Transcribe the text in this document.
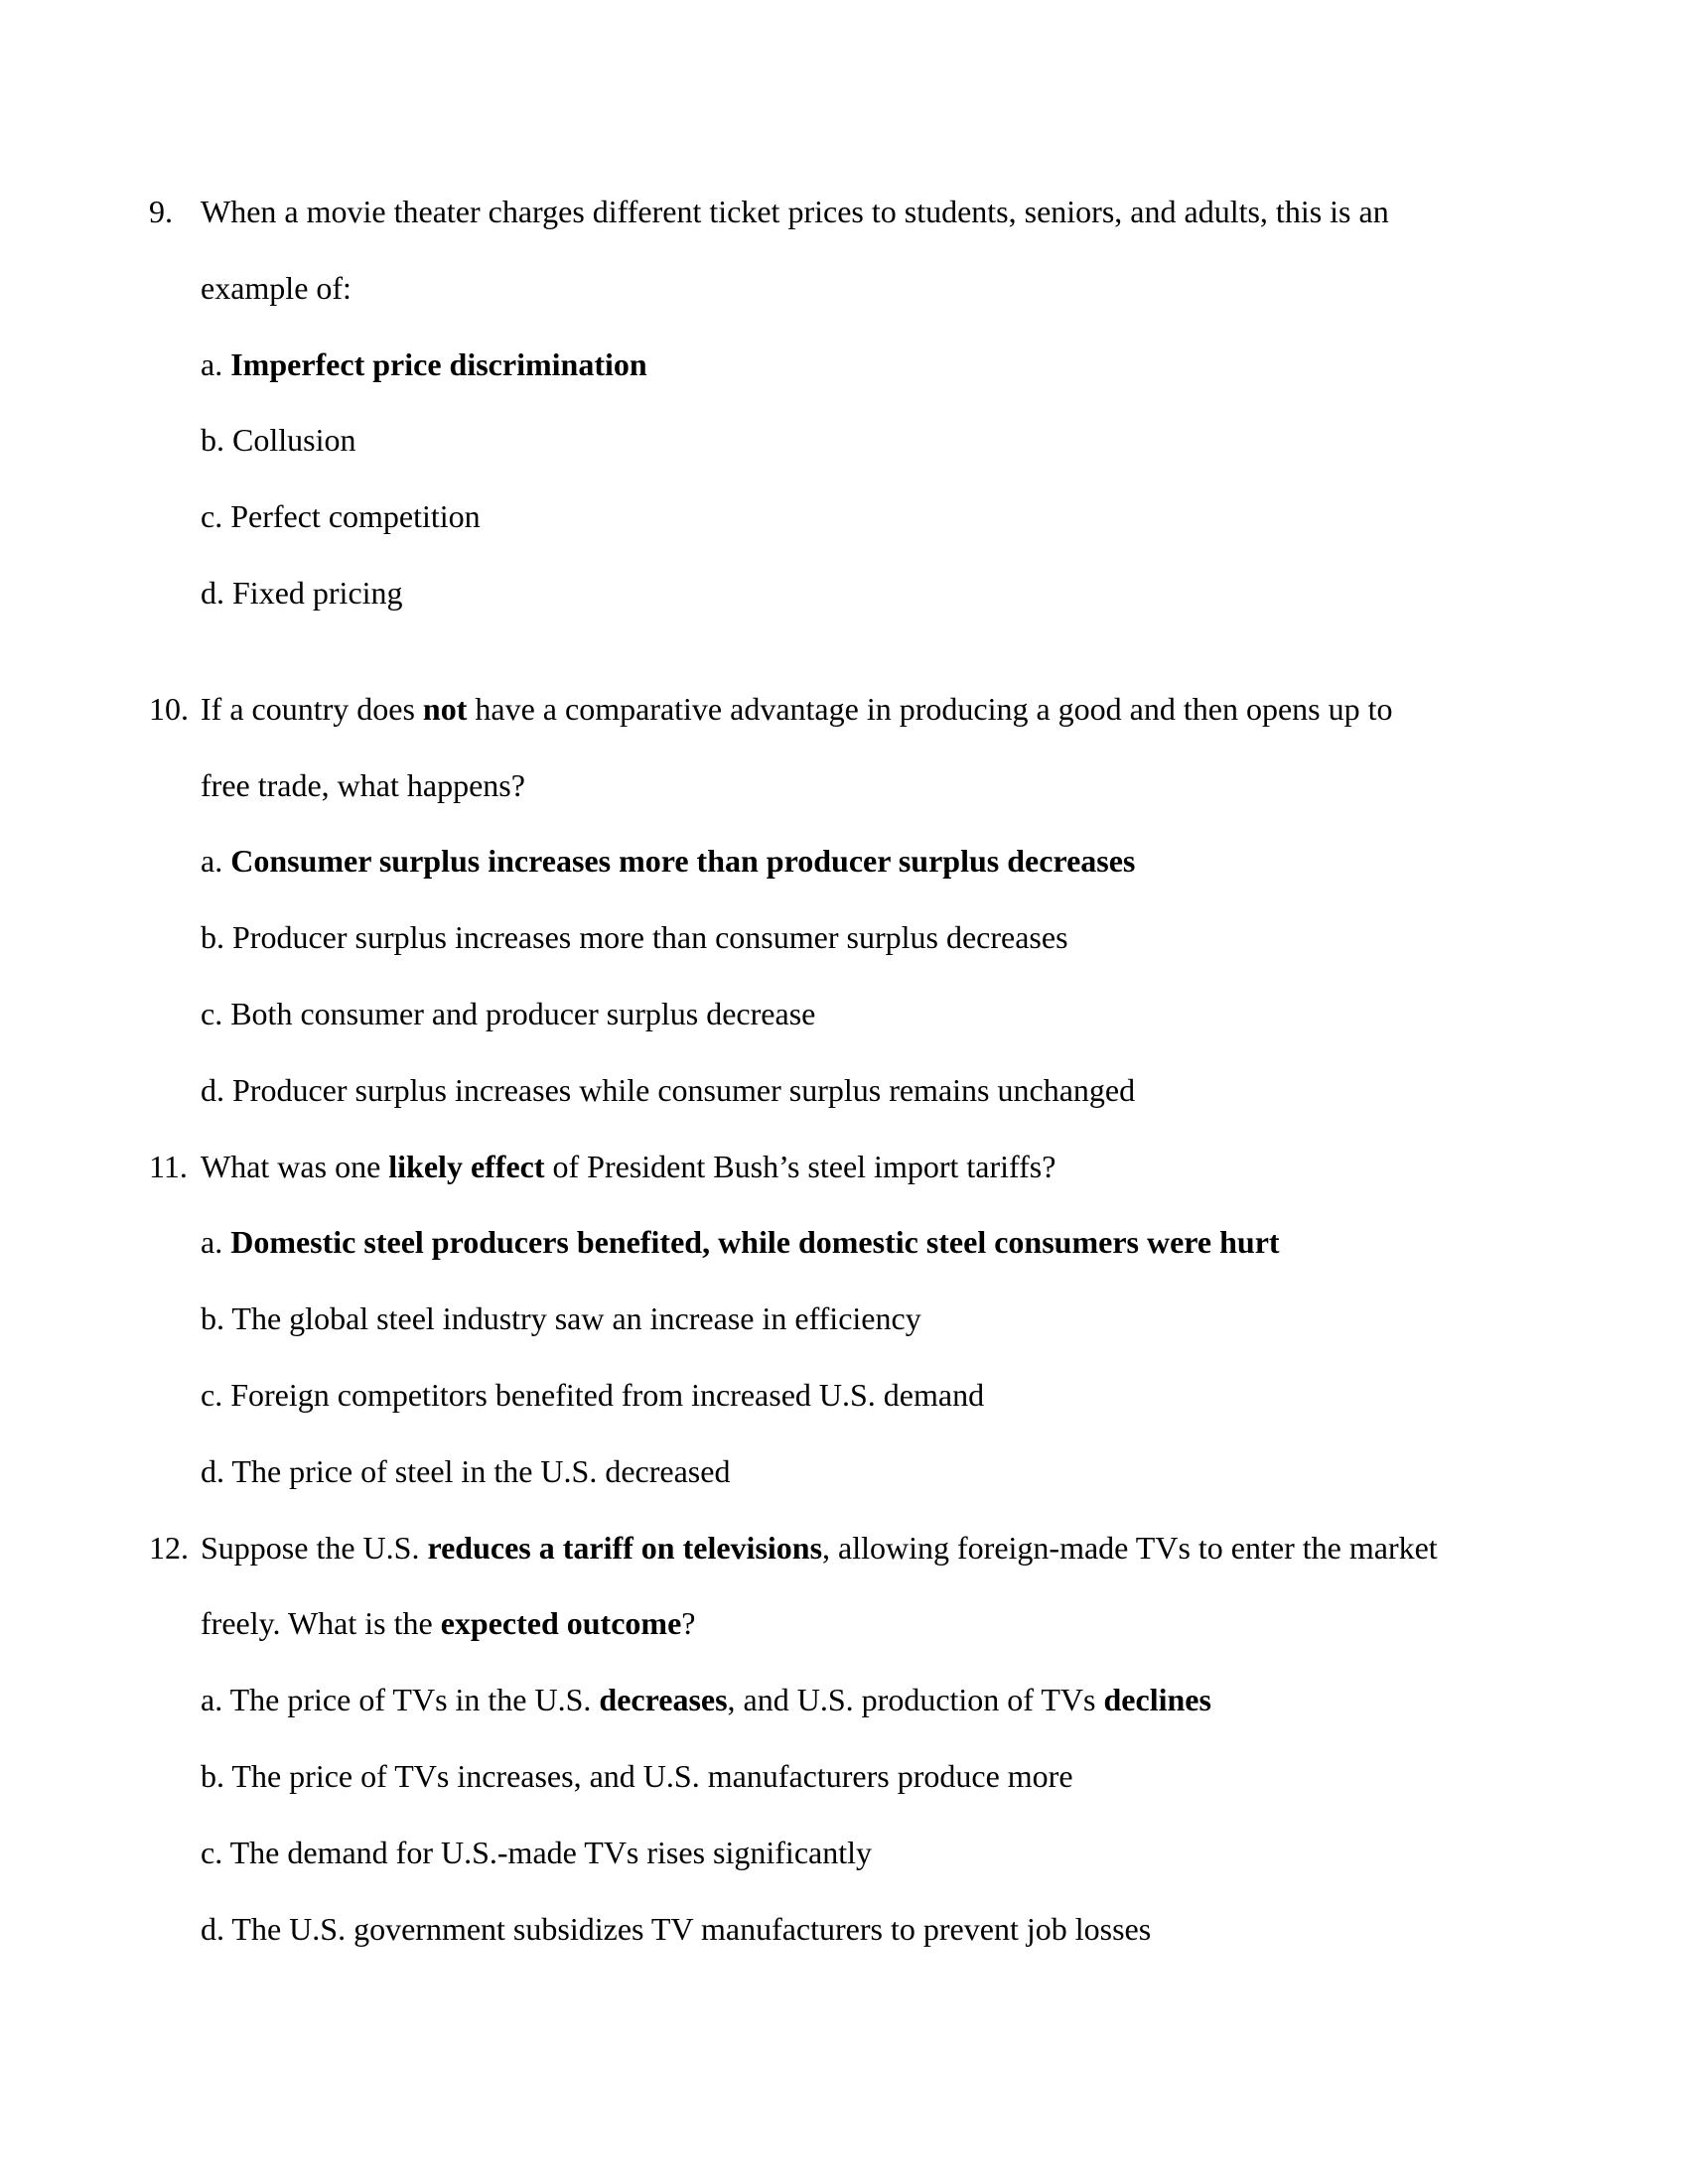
9. When a movie theater charges different ticket prices to students, seniors, and adults, this is an
example of:
a. Imperfect price discrimination
b. Collusion
c. Perfect competition
d. Fixed pricing
10. If a country does not have a comparative advantage in producing a good and then opens up to
free trade, what happens?
a. Consumer surplus increases more than producer surplus decreases
b. Producer surplus increases more than consumer surplus decreases
c. Both consumer and producer surplus decrease
d. Producer surplus increases while consumer surplus remains unchanged
11. What was one likely effect of President Bush’s steel import tariffs?
a. Domestic steel producers benefited, while domestic steel consumers were hurt
b. The global steel industry saw an increase in efficiency
c. Foreign competitors benefited from increased U.S. demand
d. The price of steel in the U.S. decreased
12. Suppose the U.S. reduces a tariff on televisions, allowing foreign-made TVs to enter the market
freely. What is the expected outcome?
a. The price of TVs in the U.S. decreases, and U.S. production of TVs declines
b. The price of TVs increases, and U.S. manufacturers produce more
c. The demand for U.S.-made TVs rises significantly
d. The U.S. government subsidizes TV manufacturers to prevent job losses
